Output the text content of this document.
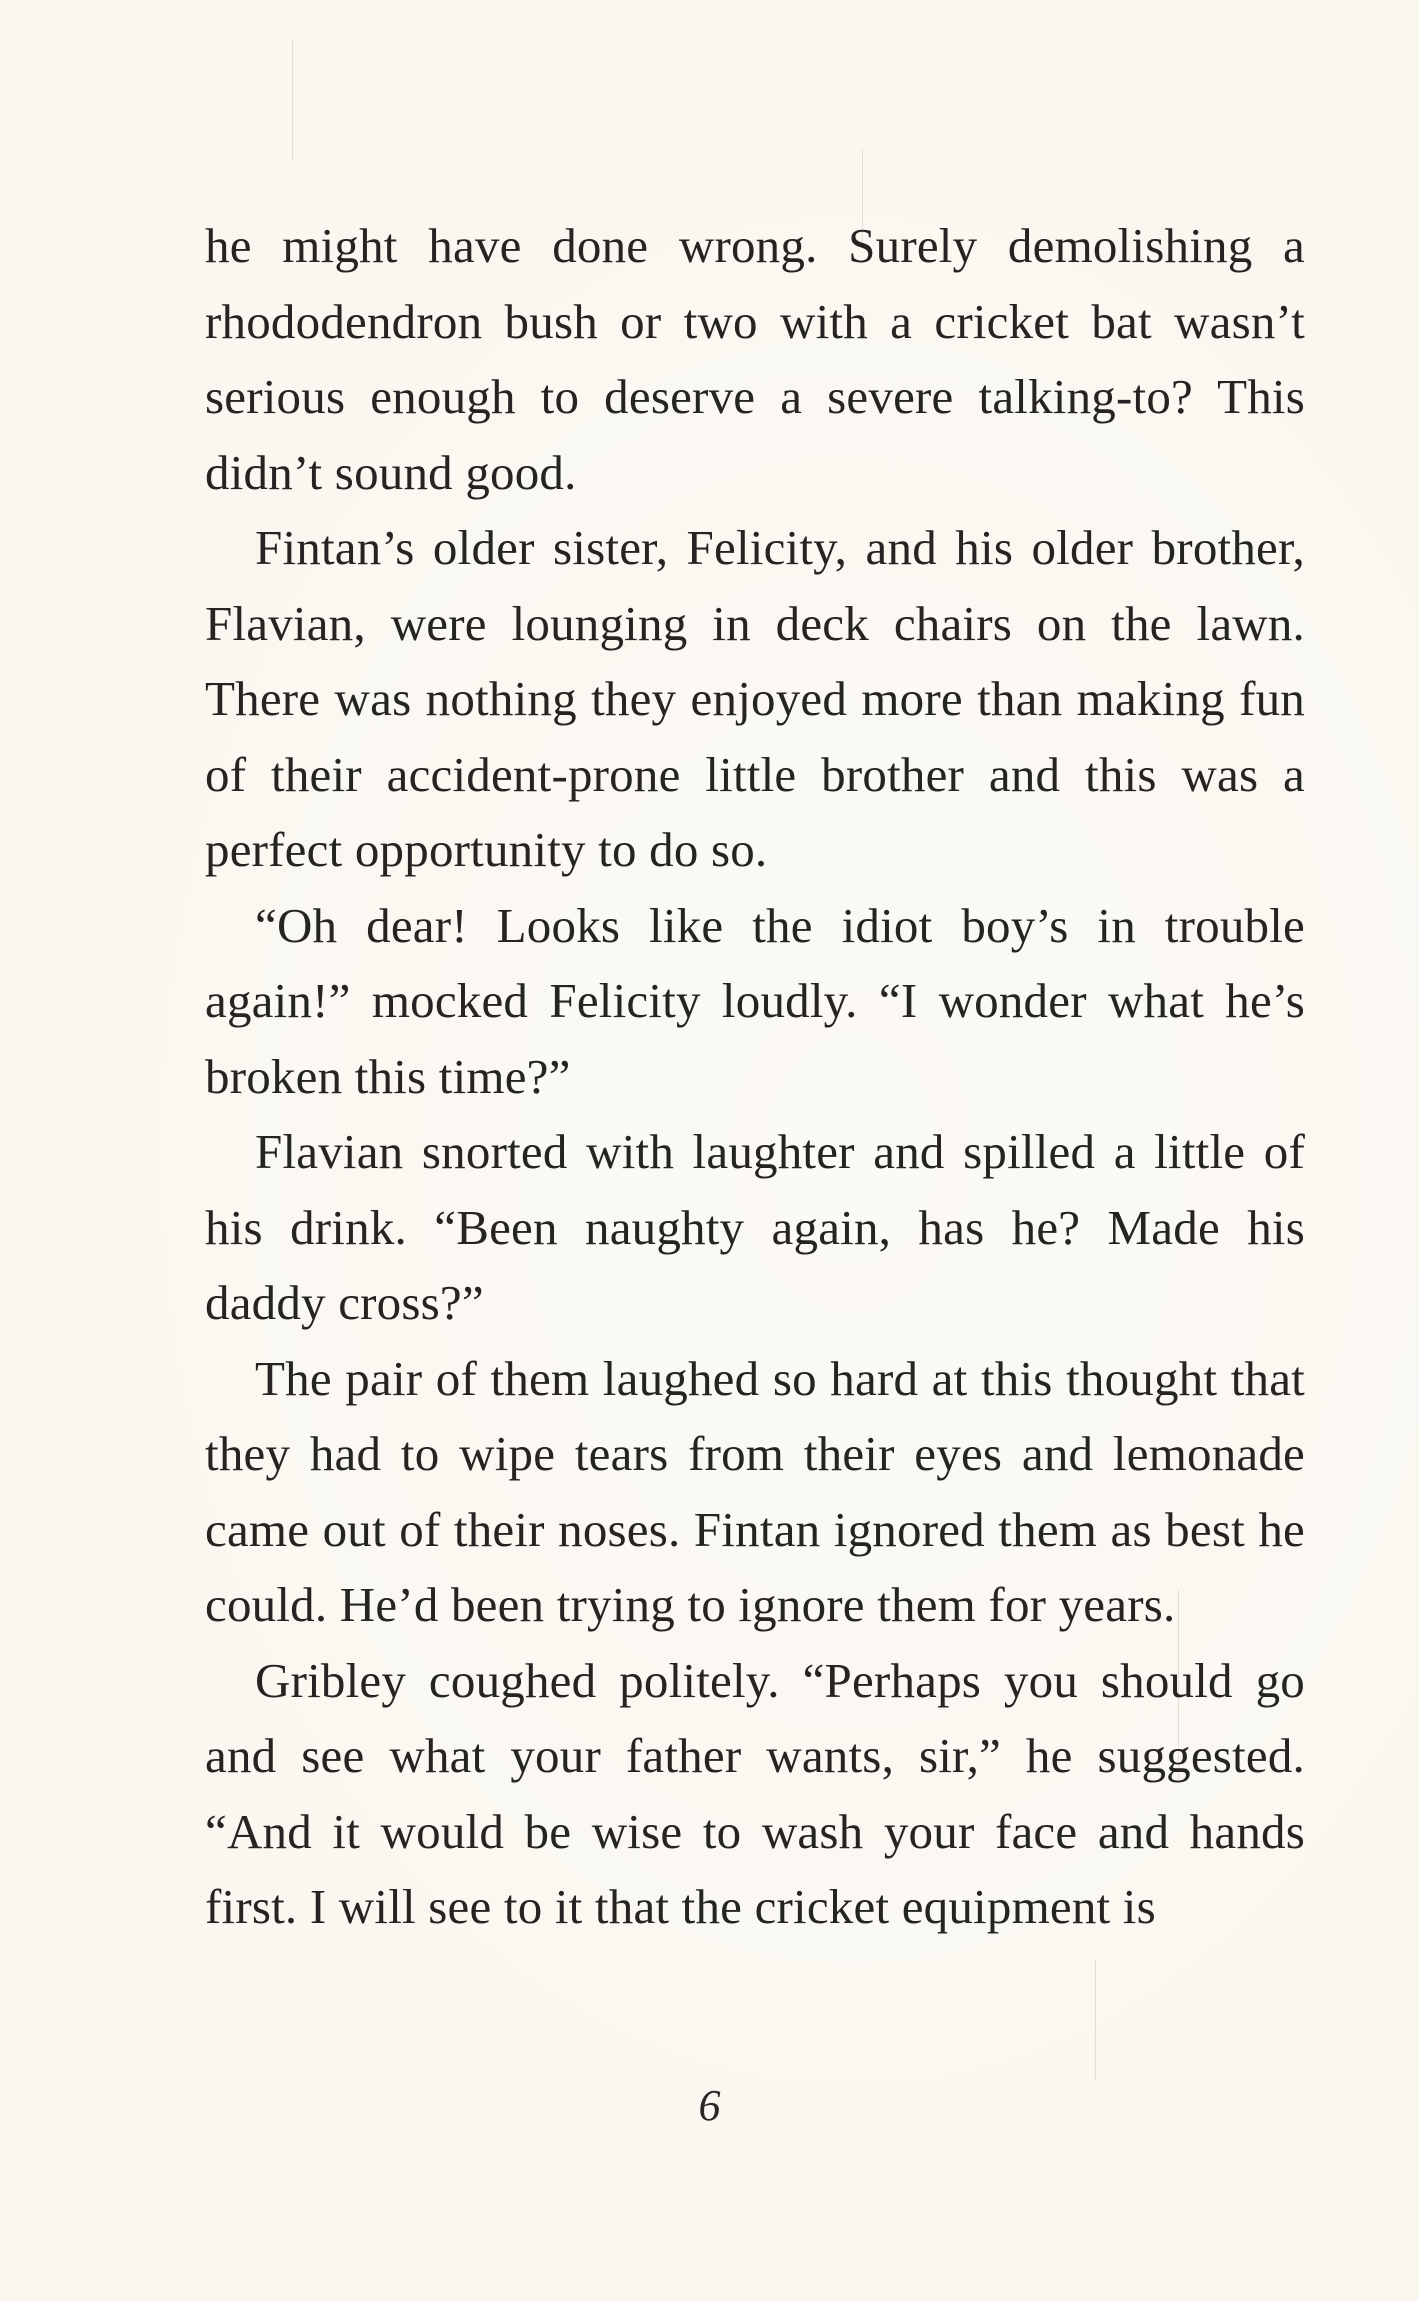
he might have done wrong. Surely demolishing a rhododendron bush or two with a cricket bat wasn’t serious enough to deserve a severe talking-to? This didn’t sound good.

Fintan’s older sister, Felicity, and his older brother, Flavian, were lounging in deck chairs on the lawn. There was nothing they enjoyed more than making fun of their accident-prone little brother and this was a perfect opportunity to do so.

“Oh dear! Looks like the idiot boy’s in trouble again!” mocked Felicity loudly. “I wonder what he’s broken this time?”

Flavian snorted with laughter and spilled a little of his drink. “Been naughty again, has he? Made his daddy cross?”

The pair of them laughed so hard at this thought that they had to wipe tears from their eyes and lemonade came out of their noses. Fintan ignored them as best he could. He’d been trying to ignore them for years.

Gribley coughed politely. “Perhaps you should go and see what your father wants, sir,” he suggested. “And it would be wise to wash your face and hands first. I will see to it that the cricket equipment is

6
